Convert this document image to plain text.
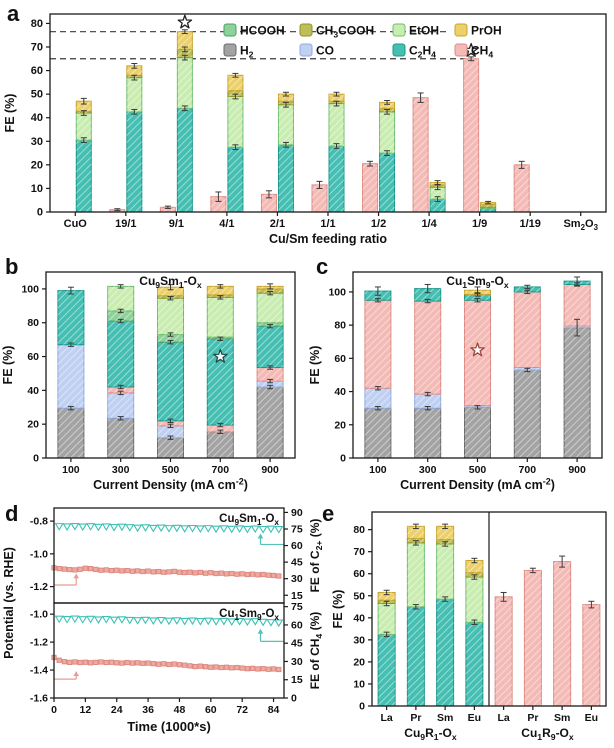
a
b	c
d	e
0
10
20
30
40
50
60
70
80
FE (%)
CuO	19/1	9/1	4/1	2/1	1/1	1/2	1/4	1/9	1/19 $Sm_2O_3$
Cu/Sm feeding ratio
HCOOH	$CH_3COOH$	EtOH	PrOH
$H_2$	CO	$C_2H_4$	$CH_4$
0
20
40
60
80
100
FE (%)
100	300	500	700	900
Current Density (mA $cm^{-2}$)
$Cu_9Sm_1-O_x$
0
20
40
60
80
100
FE (%)
100	300	500	700	900
Current Density (mA $cm^{-2}$)
$Cu_1Sm_9-O_x$
-1.2
-1.0
-0.8
15
30
45
60
75
90
$Cu_9Sm_1-O_x$
FE of $C_{2+}$ (%)
-1.6
-1.4
-1.2
-1.0
0
15
30
45
60
75
$Cu_1Sm_9-O_x$
FE of $CH_4$ (%)
0 12 24 36 48 60 72 84
Time (1000*s)
Potential (vs. RHE)
0
10
20
30
40
50
60
70
80
FE (%)
La Pr Sm Eu La Pr Sm Eu
$Cu_9R_1-O_x$	$Cu_1R_9-O_x$
